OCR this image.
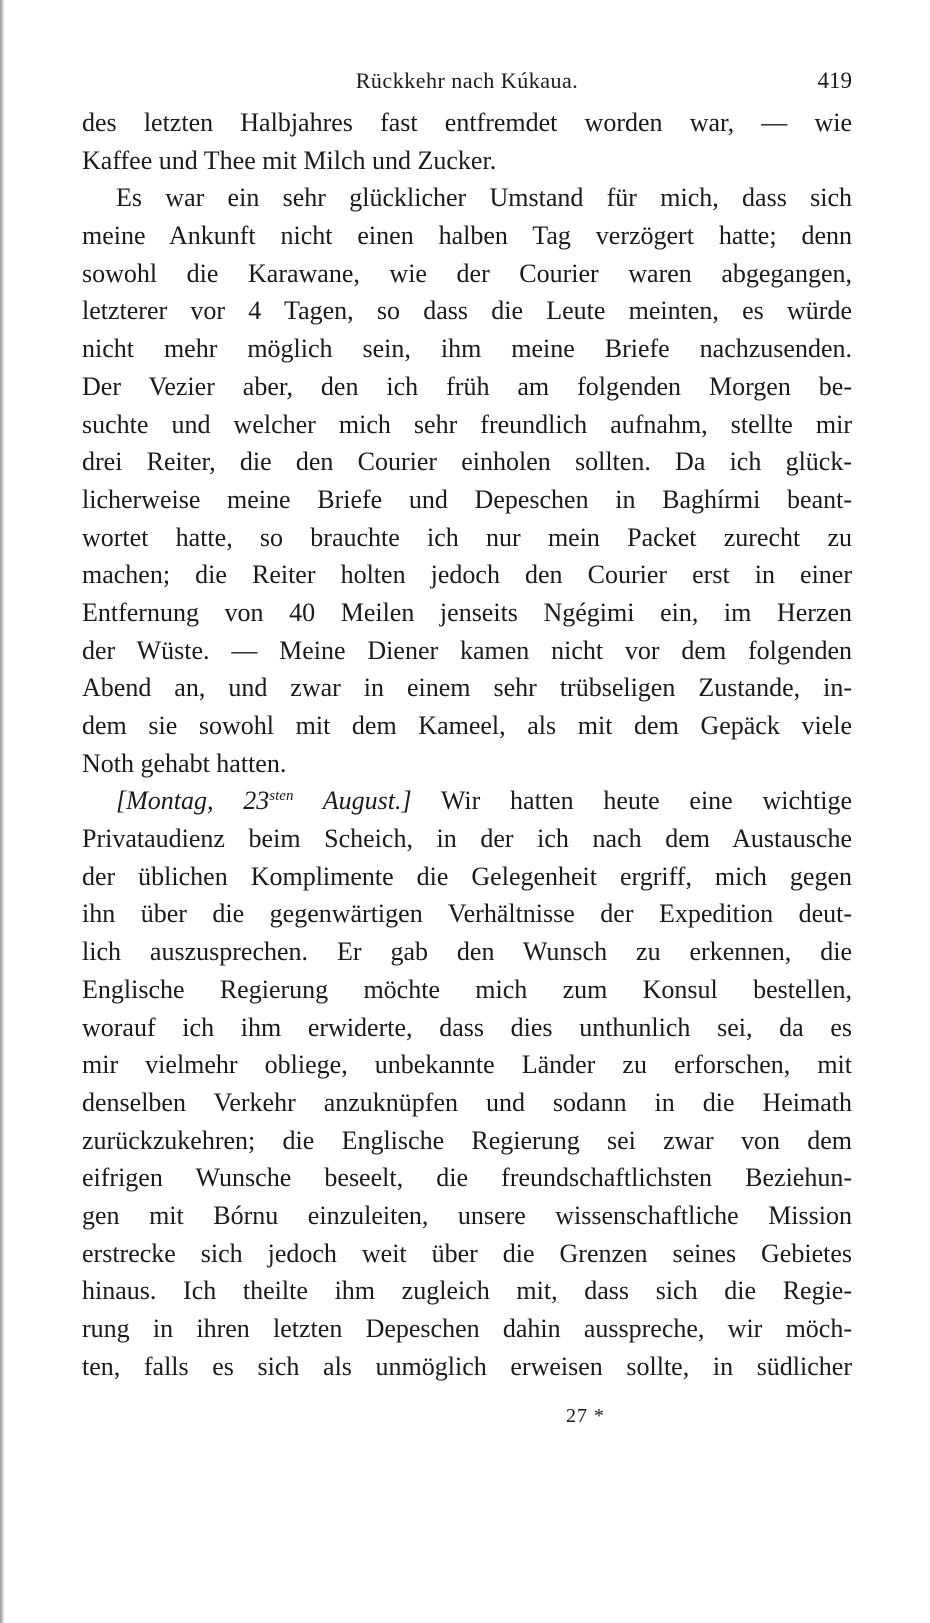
Rückkehr nach Kúkaua.	419
des letzten Halbjahres fast entfremdet worden war, — wie
Kaffee und Thee mit Milch und Zucker.
Es war ein sehr glücklicher Umstand für mich, dass sich
meine Ankunft nicht einen halben Tag verzögert hatte; denn
sowohl die Karawane, wie der Courier waren abgegangen,
letzterer vor 4 Tagen, so dass die Leute meinten, es würde
nicht mehr möglich sein, ihm meine Briefe nachzusenden.
Der Vezier aber, den ich früh am folgenden Morgen be-
suchte und welcher mich sehr freundlich aufnahm, stellte mir
drei Reiter, die den Courier einholen sollten. Da ich glück-
licherweise meine Briefe und Depeschen in Baghírmi beant-
wortet hatte, so brauchte ich nur mein Packet zurecht zu
machen; die Reiter holten jedoch den Courier erst in einer
Entfernung von 40 Meilen jenseits Ngégimi ein, im Herzen
der Wüste. — Meine Diener kamen nicht vor dem folgenden
Abend an, und zwar in einem sehr trübseligen Zustande, in-
dem sie sowohl mit dem Kameel, als mit dem Gepäck viele
Noth gehabt hatten.
[Montag, $23^{sten}$ August.] Wir hatten heute eine wichtige
Privataudienz beim Scheich, in der ich nach dem Austausche
der üblichen Komplimente die Gelegenheit ergriff, mich gegen
ihn über die gegenwärtigen Verhältnisse der Expedition deut-
lich auszusprechen. Er gab den Wunsch zu erkennen, die
Englische Regierung möchte mich zum Konsul bestellen,
worauf ich ihm erwiderte, dass dies unthunlich sei, da es
mir vielmehr obliege, unbekannte Länder zu erforschen, mit
denselben Verkehr anzuknüpfen und sodann in die Heimath
zurückzukehren; die Englische Regierung sei zwar von dem
eifrigen Wunsche beseelt, die freundschaftlichsten Beziehun-
gen mit Bórnu einzuleiten, unsere wissenschaftliche Mission
erstrecke sich jedoch weit über die Grenzen seines Gebietes
hinaus. Ich theilte ihm zugleich mit, dass sich die Regie-
rung in ihren letzten Depeschen dahin ausspreche, wir möch-
ten, falls es sich als unmöglich erweisen sollte, in südlicher
27 *
